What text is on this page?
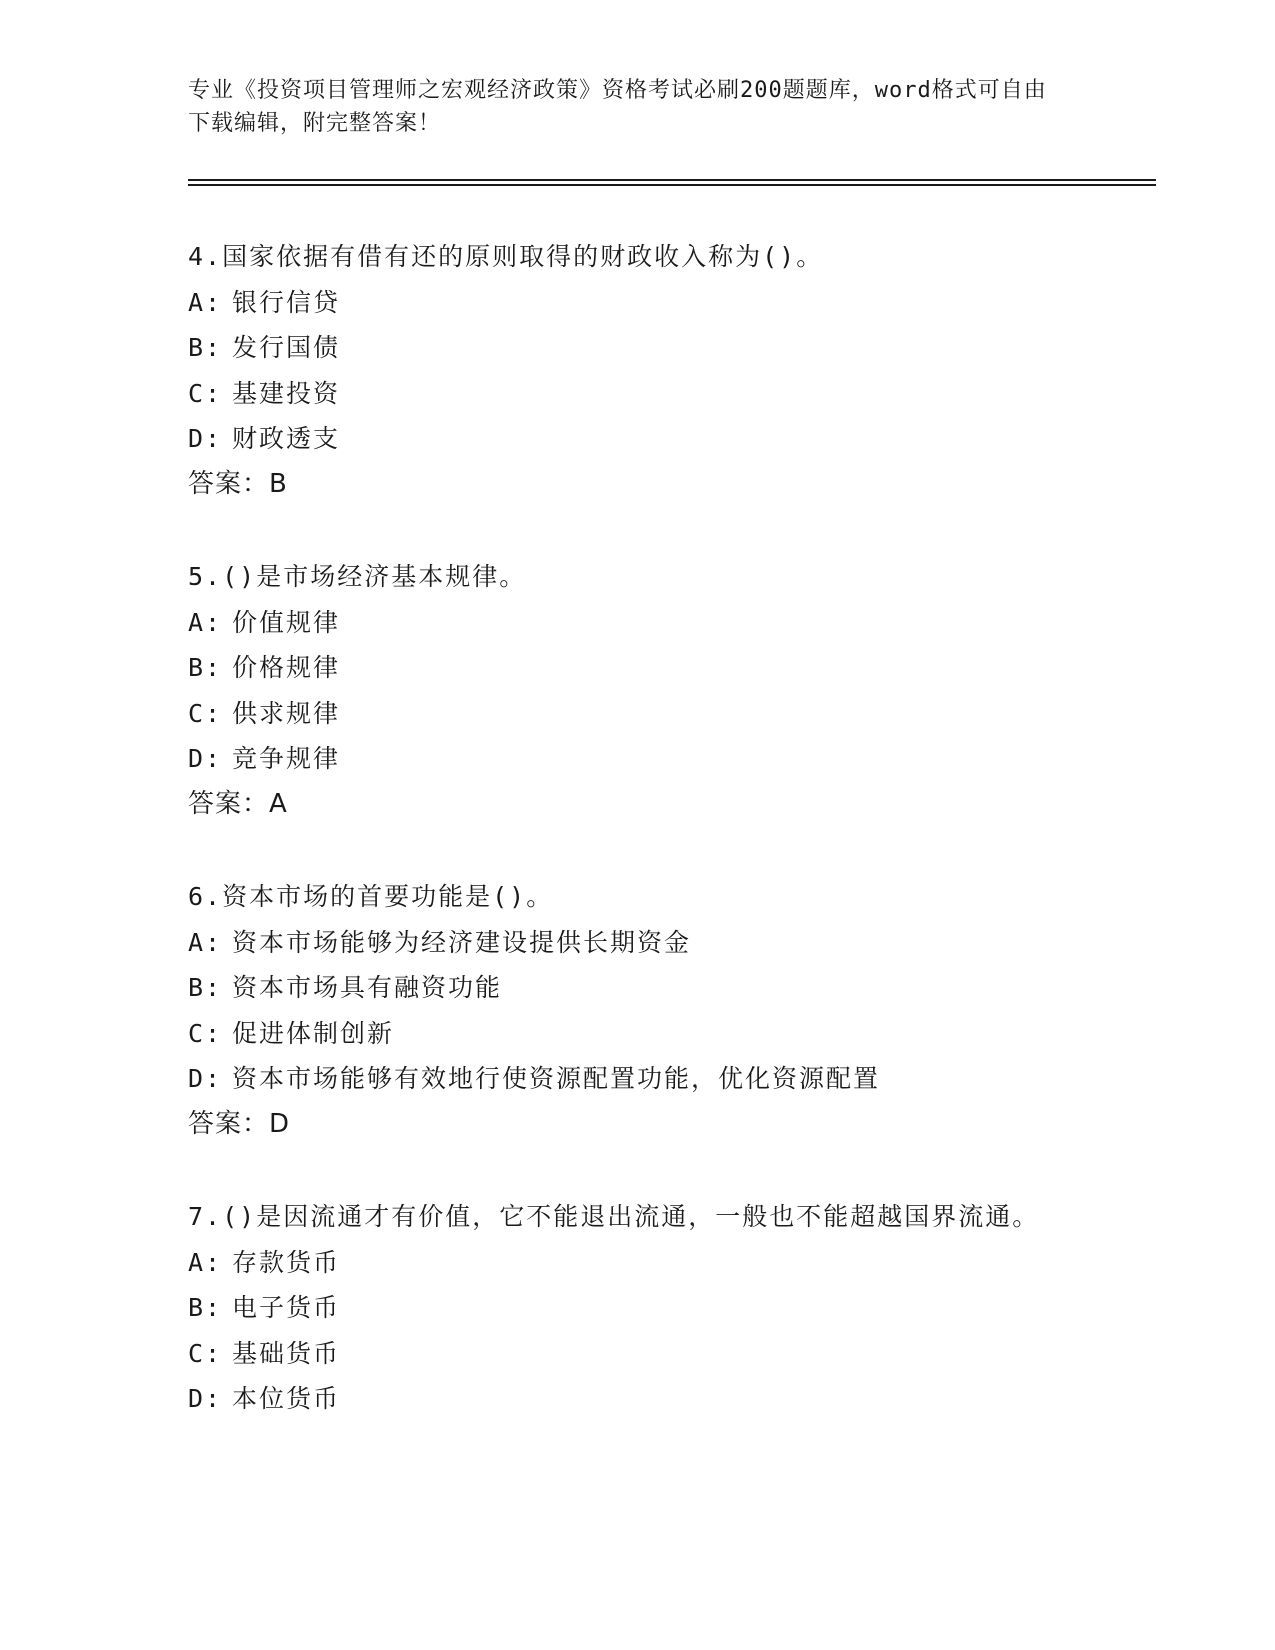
专业《投资项目管理师之宏观经济政策》资格考试必刷200题题库，word格式可自由下载编辑，附完整答案！
4.国家依据有借有还的原则取得的财政收入称为()。
A: 银行信贷
B: 发行国债
C: 基建投资
D: 财政透支
答案：B
5.()是市场经济基本规律。
A: 价值规律
B: 价格规律
C: 供求规律
D: 竞争规律
答案：A
6.资本市场的首要功能是()。
A: 资本市场能够为经济建设提供长期资金
B: 资本市场具有融资功能
C: 促进体制创新
D: 资本市场能够有效地行使资源配置功能，优化资源配置
答案：D
7.()是因流通才有价值，它不能退出流通，一般也不能超越国界流通。
A: 存款货币
B: 电子货币
C: 基础货币
D: 本位货币
